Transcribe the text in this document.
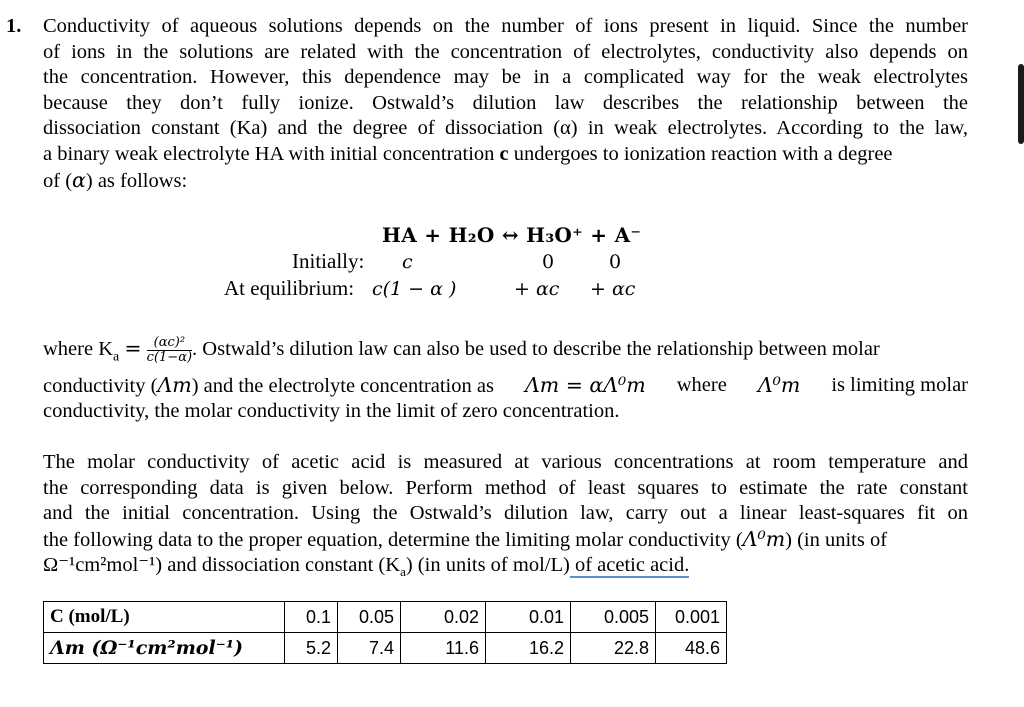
1. Conductivity of aqueous solutions depends on the number of ions present in liquid. Since the number
of ions in the solutions are related with the concentration of electrolytes, conductivity also depends on
the concentration. However, this dependence may be in a complicated way for the weak electrolytes
because they don’t fully ionize. Ostwald’s dilution law describes the relationship between the
dissociation constant (Ka) and the degree of dissociation (α) in weak electrolytes. According to the law,
a binary weak electrolyte HA with initial concentration c undergoes to ionization reaction with a degree
of (α) as follows:
HA + H₂O ↔ H₃O⁺ + A⁻
Initially: c	0	0
At equilibrium: c(1 − α )	+ αc + αc
where $K_a = \frac{\text{(αc)²}}{c(1-\alpha)}$ . Ostwald’s dilution law can also be used to describe the relationship between molar
conductivity (Λm) and the electrolyte concentration as Λm = αΛ⁰m where Λ⁰m is limiting molar
conductivity, the molar conductivity in the limit of zero concentration.
The molar conductivity of acetic acid is measured at various concentrations at room temperature and
the corresponding data is given below. Perform method of least squares to estimate the rate constant
and the initial concentration. Using the Ostwald’s dilution law, carry out a linear least-squares fit on
the following data to the proper equation, determine the limiting molar conductivity (Λ⁰m) (in units of
Ω⁻¹cm²mol⁻¹) and dissociation constant $(K_a)$ (in units of mol/L) of acetic acid.
C (mol/L)	0.1	0.05	0.02	0.01	0.005	0.001
Λm (Ω⁻¹cm²mol⁻¹)	5.2	7.4	11.6	16.2	22.8	48.6
